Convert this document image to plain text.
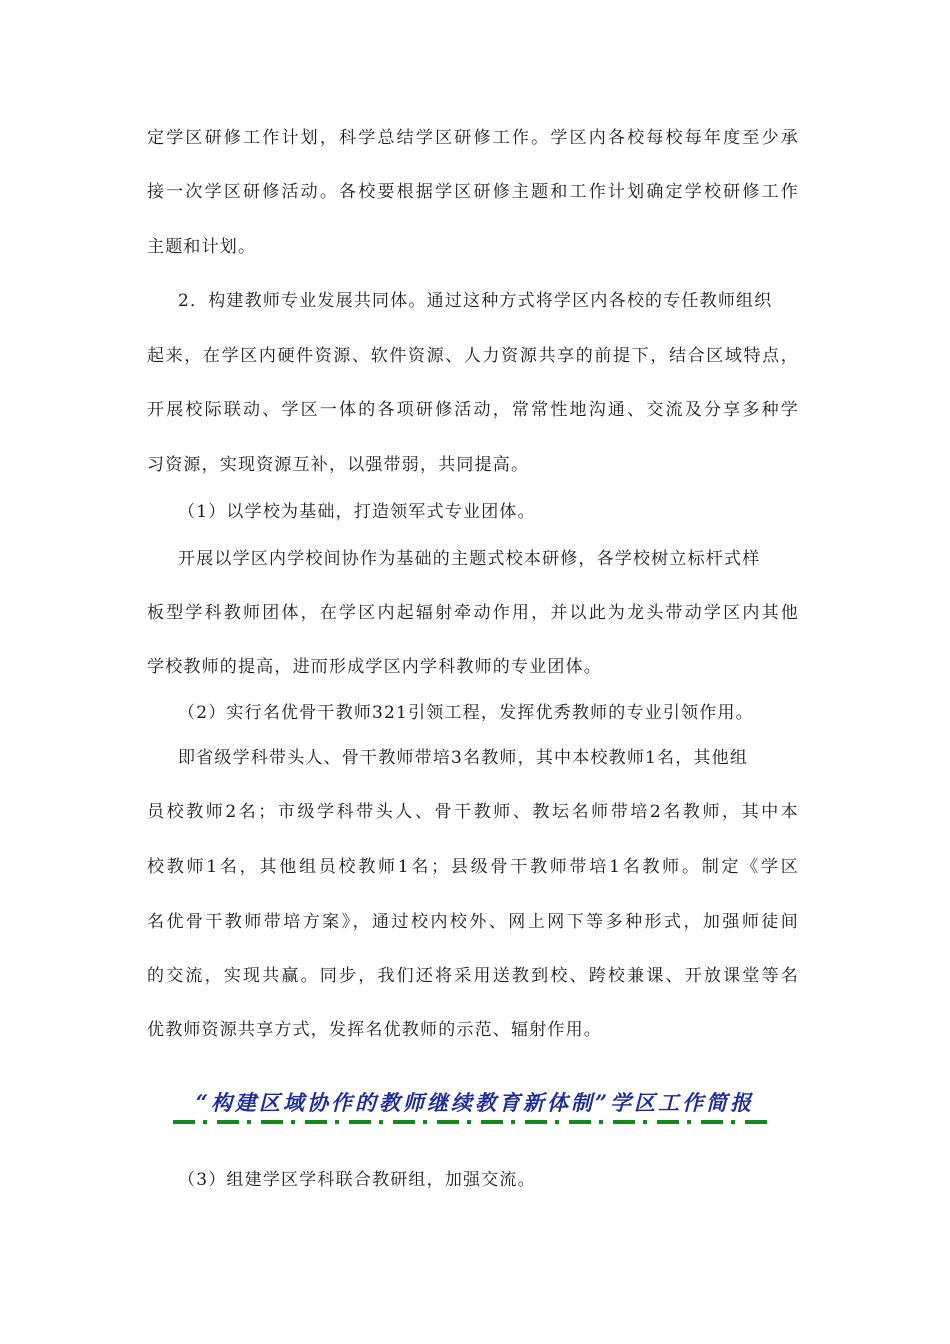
定学区研修工作计划，科学总结学区研修工作。学区内各校每校每年度至少承
接一次学区研修活动。各校要根据学区研修主题和工作计划确定学校研修工作
主题和计划。
2．构建教师专业发展共同体。通过这种方式将学区内各校的专任教师组织
起来，在学区内硬件资源、软件资源、人力资源共享的前提下，结合区域特点，
开展校际联动、学区一体的各项研修活动，常常性地沟通、交流及分享多种学
习资源，实现资源互补，以强带弱，共同提高。
（1）以学校为基础，打造领军式专业团体。
开展以学区内学校间协作为基础的主题式校本研修，各学校树立标杆式样
板型学科教师团体，在学区内起辐射牵动作用，并以此为龙头带动学区内其他
学校教师的提高，进而形成学区内学科教师的专业团体。
（2）实行名优骨干教师321引领工程，发挥优秀教师的专业引领作用。
即省级学科带头人、骨干教师带培3名教师，其中本校教师1名，其他组
员校教师2名；市级学科带头人、骨干教师、教坛名师带培2名教师，其中本
校教师1名，其他组员校教师1名；县级骨干教师带培1名教师。制定《学区
名优骨干教师带培方案》，通过校内校外、网上网下等多种形式，加强师徒间
的交流，实现共赢。同步，我们还将采用送教到校、跨校兼课、开放课堂等名
优教师资源共享方式，发挥名优教师的示范、辐射作用。
“构建区域协作的教师继续教育新体制”学区工作简报
（3）组建学区学科联合教研组，加强交流。
